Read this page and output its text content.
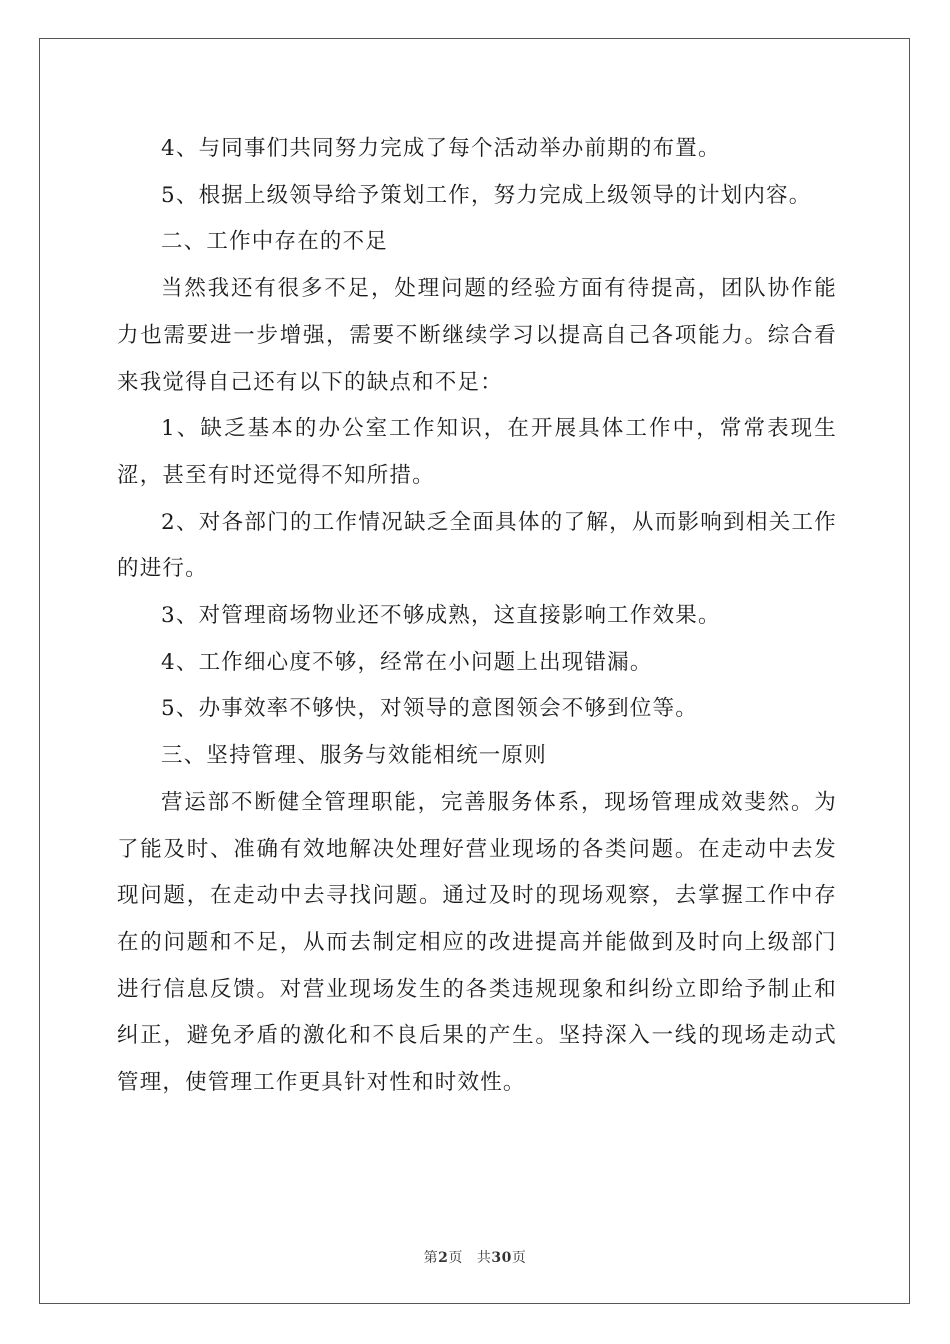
4、与同事们共同努力完成了每个活动举办前期的布置。

5、根据上级领导给予策划工作，努力完成上级领导的计划内容。

二、工作中存在的不足

当然我还有很多不足，处理问题的经验方面有待提高，团队协作能力也需要进一步增强，需要不断继续学习以提高自己各项能力。综合看来我觉得自己还有以下的缺点和不足：

1、缺乏基本的办公室工作知识，在开展具体工作中，常常表现生涩，甚至有时还觉得不知所措。

2、对各部门的工作情况缺乏全面具体的了解，从而影响到相关工作的进行。

3、对管理商场物业还不够成熟，这直接影响工作效果。

4、工作细心度不够，经常在小问题上出现错漏。

5、办事效率不够快，对领导的意图领会不够到位等。

三、坚持管理、服务与效能相统一原则

营运部不断健全管理职能，完善服务体系，现场管理成效斐然。为了能及时、准确有效地解决处理好营业现场的各类问题。在走动中去发现问题，在走动中去寻找问题。通过及时的现场观察，去掌握工作中存在的问题和不足，从而去制定相应的改进提高并能做到及时向上级部门进行信息反馈。对营业现场发生的各类违规现象和纠纷立即给予制止和纠正，避免矛盾的激化和不良后果的产生。坚持深入一线的现场走动式管理，使管理工作更具针对性和时效性。

第2页 共30页
